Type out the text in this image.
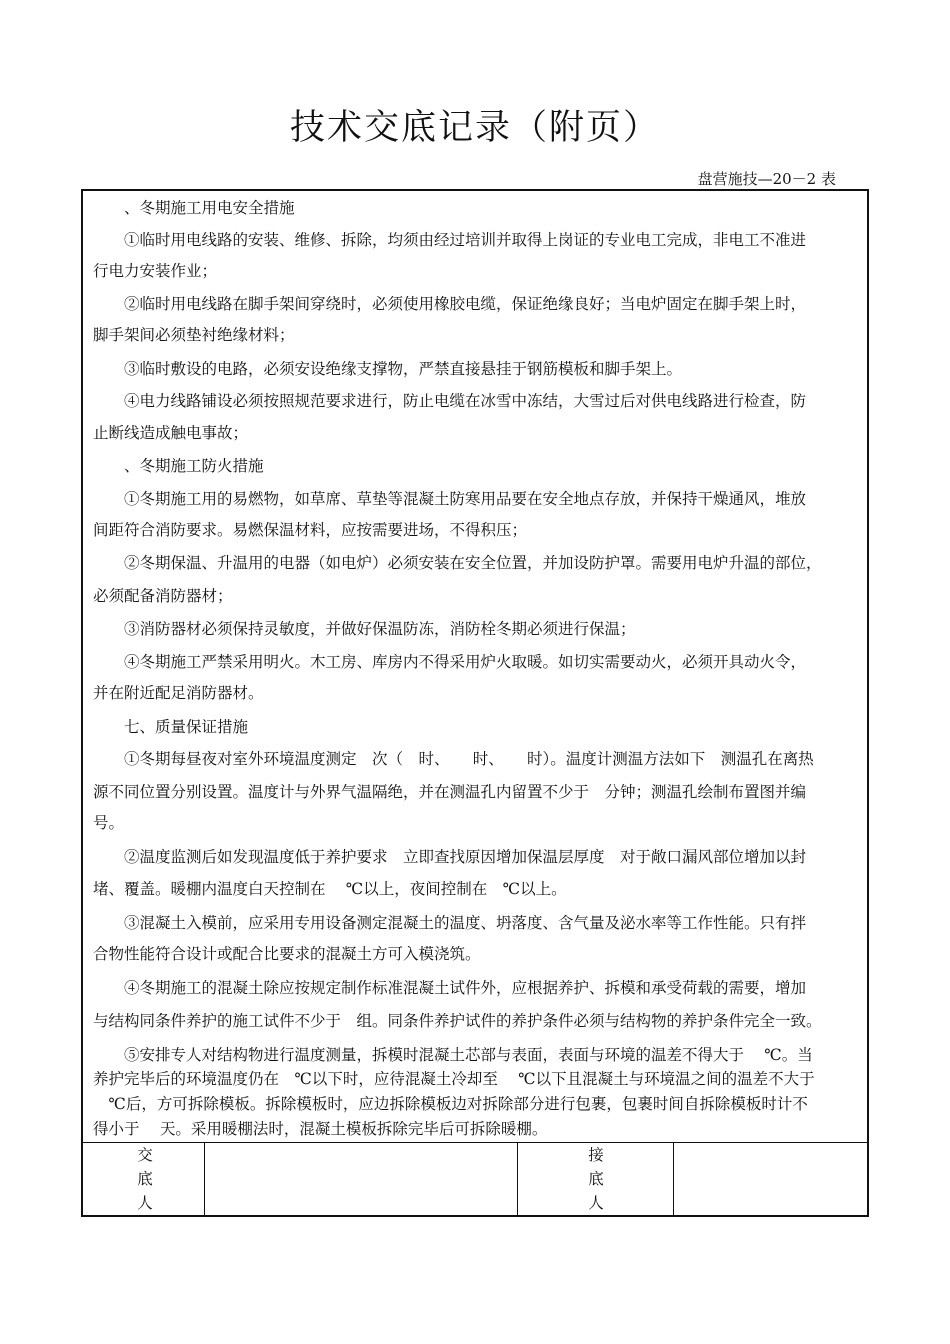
技术交底记录（附页）
盘营施技—20－2 表
、冬期施工用电安全措施
①临时用电线路的安装、维修、拆除，均须由经过培训并取得上岗证的专业电工完成，非电工不准进
行电力安装作业；
②临时用电线路在脚手架间穿绕时，必须使用橡胶电缆，保证绝缘良好；当电炉固定在脚手架上时，
脚手架间必须垫衬绝缘材料；
③临时敷设的电路，必须安设绝缘支撑物，严禁直接悬挂于钢筋模板和脚手架上。
④电力线路铺设必须按照规范要求进行，防止电缆在冰雪中冻结，大雪过后对供电线路进行检查，防
止断线造成触电事故；
、冬期施工防火措施
①冬期施工用的易燃物，如草席、草垫等混凝土防寒用品要在安全地点存放，并保持干燥通风，堆放
间距符合消防要求。易燃保温材料，应按需要进场，不得积压；
②冬期保温、升温用的电器（如电炉）必须安装在安全位置，并加设防护罩。需要用电炉升温的部位，
必须配备消防器材；
③消防器材必须保持灵敏度，并做好保温防冻，消防栓冬期必须进行保温；
④冬期施工严禁采用明火。木工房、库房内不得采用炉火取暖。如切实需要动火，必须开具动火令，
并在附近配足消防器材。
七、质量保证措施
①冬期每昼夜对室外环境温度测定　次（　时、　　时、　　时）。温度计测温方法如下　测温孔在离热
源不同位置分别设置。温度计与外界气温隔绝，并在测温孔内留置不少于　分钟；测温孔绘制布置图并编
号。
②温度监测后如发现温度低于养护要求　立即查找原因增加保温层厚度　对于敞口漏风部位增加以封
堵、覆盖。暖棚内温度白天控制在　 ℃以上，夜间控制在　℃以上。
③混凝土入模前，应采用专用设备测定混凝土的温度、坍落度、含气量及泌水率等工作性能。只有拌
合物性能符合设计或配合比要求的混凝土方可入模浇筑。
④冬期施工的混凝土除应按规定制作标准混凝土试件外，应根据养护、拆模和承受荷载的需要，增加
与结构同条件养护的施工试件不少于　组。同条件养护试件的养护条件必须与结构物的养护条件完全一致。
⑤安排专人对结构物进行温度测量，拆模时混凝土芯部与表面，表面与环境的温差不得大于　 ℃。当
养护完毕后的环境温度仍在　℃以下时，应待混凝土冷却至　 ℃以下且混凝土与环境温之间的温差不大于
　℃后，方可拆除模板。拆除模板时，应边拆除模板边对拆除部分进行包裹，包裹时间自拆除模板时计不
得小于　 天。采用暖棚法时，混凝土模板拆除完毕后可拆除暖棚。
交
底
人
接
底
人
